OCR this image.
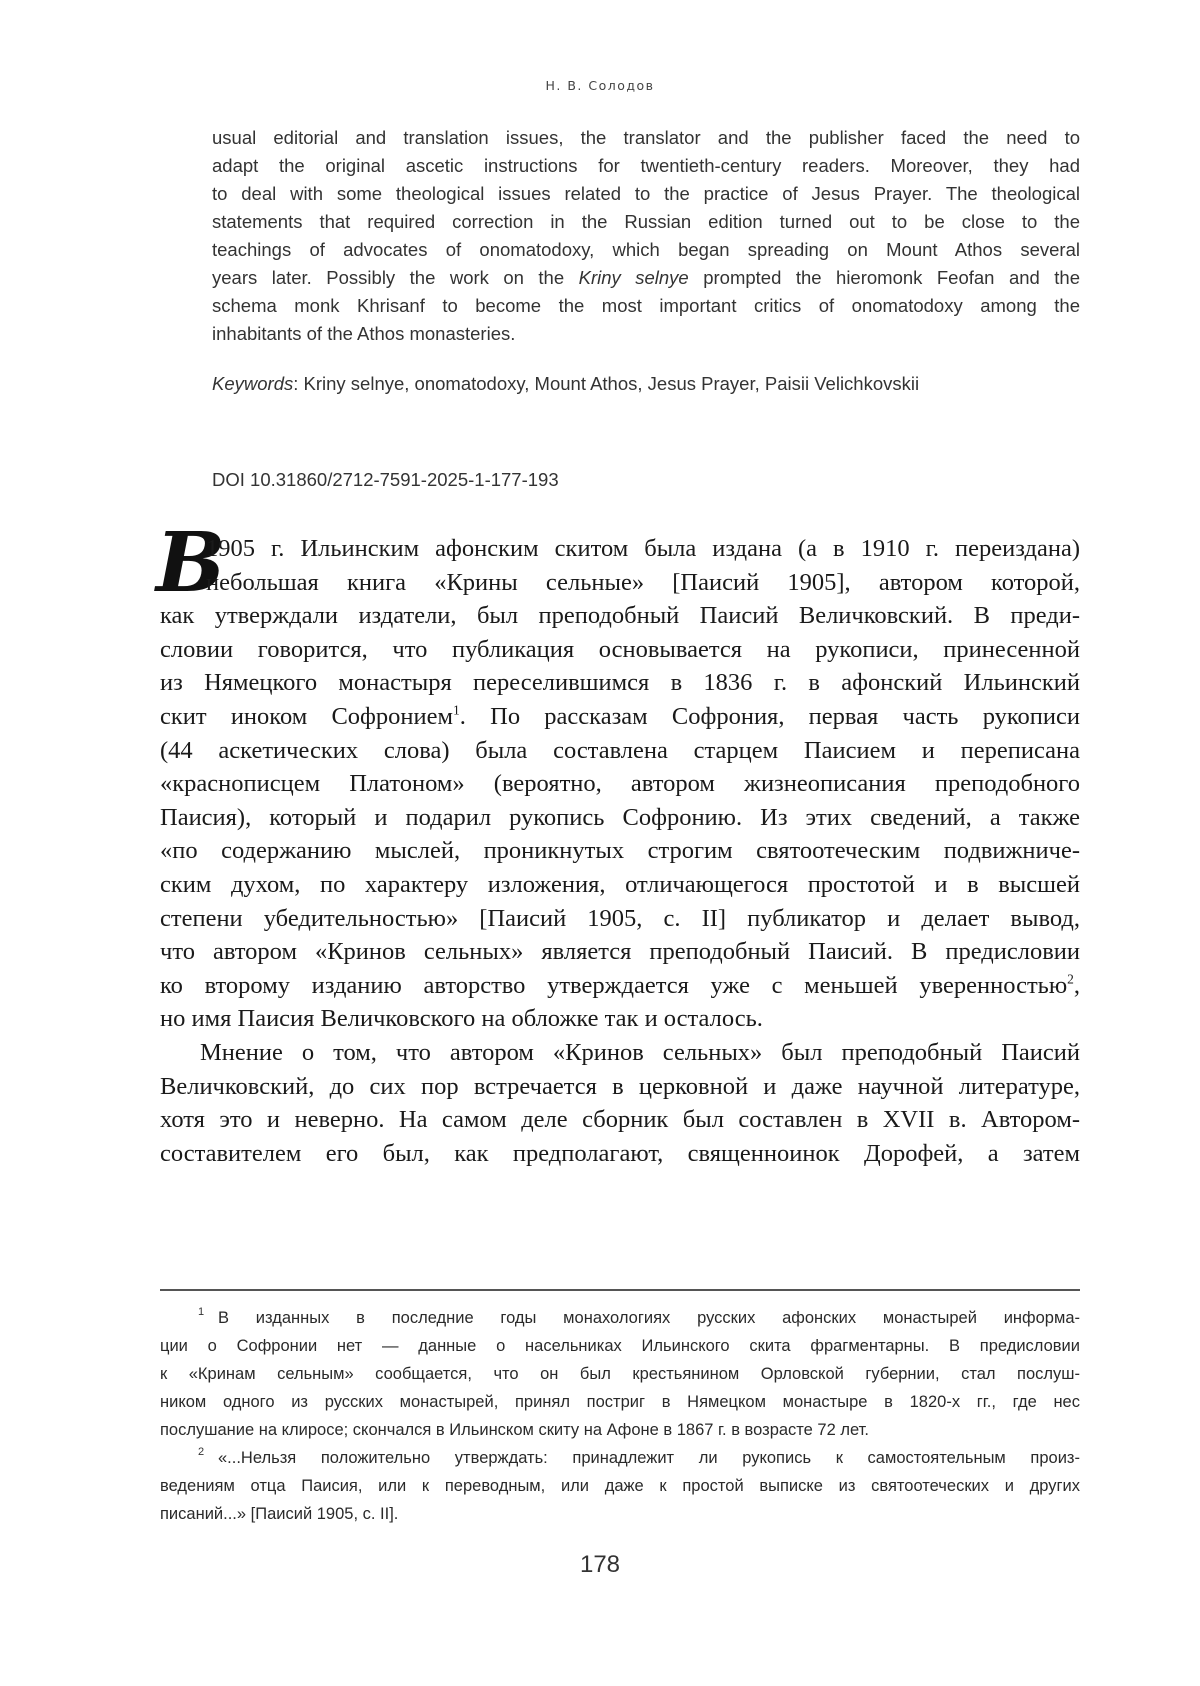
Н. В. Солодов
usual editorial and translation issues, the translator and the publisher faced the need to
adapt the original ascetic instructions for twentieth-century readers. Moreover, they had
to deal with some theological issues related to the practice of Jesus Prayer. The theological
statements that required correction in the Russian edition turned out to be close to the
teachings of advocates of onomatodoxy, which began spreading on Mount Athos several
years later. Possibly the work on the Kriny selnye prompted the hieromonk Feofan and the
schema monk Khrisanf to become the most important critics of onomatodoxy among the
inhabitants of the Athos monasteries.
Keywords: Kriny selnye, onomatodoxy, Mount Athos, Jesus Prayer, Paisii Velichkovskii
DOI 10.31860/2712-7591-2025-1-177-193
В
1905 г. Ильинским афонским скитом была издана (а в 1910 г. переиздана)
небольшая книга «Крины сельные» [Паисий 1905], автором которой,
как утверждали издатели, был преподобный Паисий Величковский. В преди-
словии говорится, что публикация основывается на рукописи, принесенной
из Нямецкого монастыря переселившимся в 1836 г. в афонский Ильинский
скит иноком Софронием1. По рассказам Софрония, первая часть рукописи
(44 аскетических слова) была составлена старцем Паисием и переписана
«краснописцем Платоном» (вероятно, автором жизнеописания преподобного
Паисия), который и подарил рукопись Софронию. Из этих сведений, а также
«по содержанию мыслей, проникнутых строгим святоотеческим подвижниче-
ским духом, по характеру изложения, отличающегося простотой и в высшей
степени убедительностью» [Паисий 1905, с. II] публикатор и делает вывод,
что автором «Кринов сельных» является преподобный Паисий. В предисловии
ко второму изданию авторство утверждается уже с меньшей уверенностью2,
но имя Паисия Величковского на обложке так и осталось.
Мнение о том, что автором «Кринов сельных» был преподобный Паисий
Величковский, до сих пор встречается в церковной и даже научной литературе,
хотя это и неверно. На самом деле сборник был составлен в XVII в. Автором-
составителем его был, как предполагают, священноинок Дорофей, а затем
1 В изданных в последние годы монахологиях русских афонских монастырей информа-
ции о Софронии нет — данные о насельниках Ильинского скита фрагментарны. В предисловии
к «Кринам сельным» сообщается, что он был крестьянином Орловской губернии, стал послуш-
ником одного из русских монастырей, принял постриг в Нямецком монастыре в 1820-х гг., где нес
послушание на клиросе; скончался в Ильинском скиту на Афоне в 1867 г. в возрасте 72 лет.
2 «...Нельзя положительно утверждать: принадлежит ли рукопись к самостоятельным произ-
ведениям отца Паисия, или к переводным, или даже к простой выписке из святоотеческих и других
писаний...» [Паисий 1905, с. II].
178
